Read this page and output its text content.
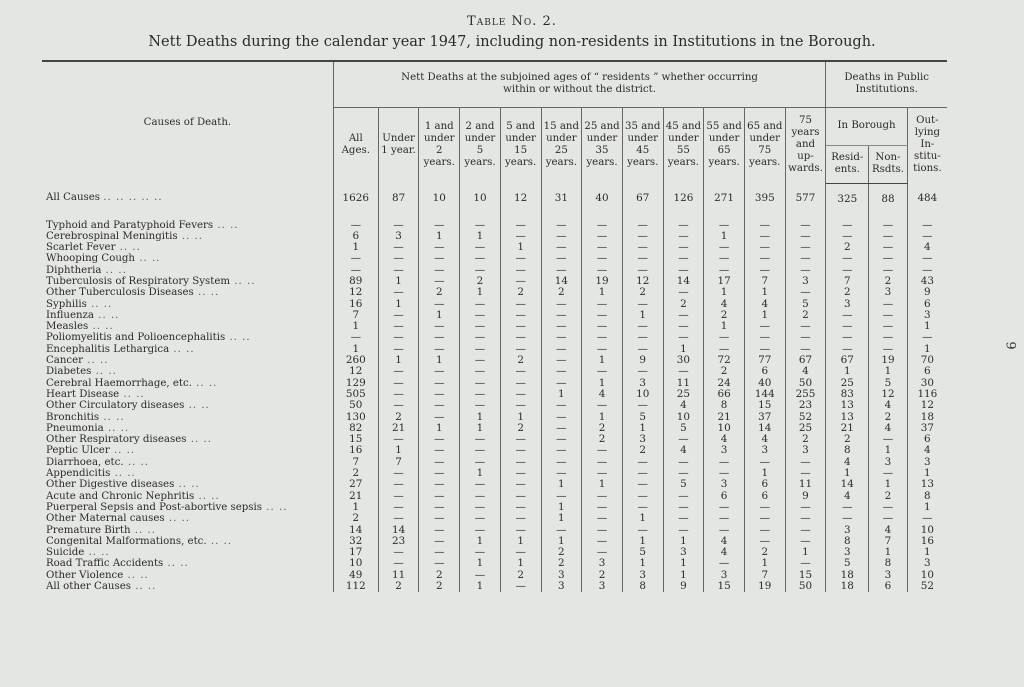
Table No. 2.
Nett Deaths during the calendar year 1947, including non-residents in Institutions in tne Borough.
9
Causes of Death.	Nett Deaths at the subjoined ages of “ residents ” whether occurring within or without the district.												Deaths in Public Institutions.		
	All Ages.	Under 1 year.	1 and under 2 years.	2 and under 5 years.	5 and under 15 years.	15 and under 25 years.	25 and under 35 years.	35 and under 45 years.	45 and under 55 years.	55 and under 65 years.	65 and under 75 years.	75 years and up-wards.	In Borough		Out-lying In-stitu-tions.
													Resid-ents.	Non-Rsdts.	
All Causes .. .. .. .. ..	1626	87	10	10	12	31	40	67	126	271	395	577	325	88	484

Typhoid and Paratyphoid Fevers .. ..	—	—	—	—	—	—	—	—	—	—	—	—	—	—	—
Cerebrospinal Meningitis .. ..	6	3	1	1	—	—	—	—	—	1	—	—	—	—	—
Scarlet Fever .. ..	1	—	—	—	1	—	—	—	—	—	—	—	2	—	4
Whooping Cough .. ..	—	—	—	—	—	—	—	—	—	—	—	—	—	—	—
Diphtheria .. ..	—	—	—	—	—	—	—	—	—	—	—	—	—	—	—
Tuberculosis of Respiratory System .. ..	89	1	—	2	—	14	19	12	14	17	7	3	7	2	43
Other Tuberculosis Diseases .. ..	12	—	2	1	2	2	1	2	—	1	1	—	2	3	9
Syphilis .. ..	16	1	—	—	—	—	—	—	2	4	4	5	3	—	6
Influenza .. ..	7	—	1	—	—	—	—	1	—	2	1	2	—	—	3
Measles .. ..	1	—	—	—	—	—	—	—	—	1	—	—	—	—	1
Poliomyelitis and Polioencephalitis .. ..	—	—	—	—	—	—	—	—	—	—	—	—	—	—	—
Encephalitis Lethargica .. ..	1	—	—	—	—	—	—	—	1	—	—	—	—	—	1
Cancer .. ..	260	1	1	—	2	—	1	9	30	72	77	67	67	19	70
Diabetes .. ..	12	—	—	—	—	—	—	—	—	2	6	4	1	1	6
Cerebral Haemorrhage, etc. .. ..	129	—	—	—	—	—	1	3	11	24	40	50	25	5	30
Heart Disease .. ..	505	—	—	—	—	1	4	10	25	66	144	255	83	12	116
Other Circulatory diseases .. ..	50	—	—	—	—	—	—	—	4	8	15	23	13	4	12
Bronchitis .. ..	130	2	—	1	1	—	1	5	10	21	37	52	13	2	18
Pneumonia .. ..	82	21	1	1	2	—	2	1	5	10	14	25	21	4	37
Other Respiratory diseases .. ..	15	—	—	—	—	—	2	3	—	4	4	2	2	—	6
Peptic Ulcer .. ..	16	1	—	—	—	—	—	2	4	3	3	3	8	1	4
Diarrhoea, etc. .. ..	7	7	—	—	—	—	—	—	—	—	—	—	4	3	3
Appendicitis .. ..	2	—	—	1	—	—	—	—	—	—	1	—	1	—	1
Other Digestive diseases .. ..	27	—	—	—	—	1	1	—	5	3	6	11	14	1	13
Acute and Chronic Nephritis .. ..	21	—	—	—	—	—	—	—	—	6	6	9	4	2	8
Puerperal Sepsis and Post-abortive sepsis .. ..	1	—	—	—	—	1	—	—	—	—	—	—	—	—	1
Other Maternal causes .. ..	2	—	—	—	—	1	—	1	—	—	—	—	—	—	—
Premature Birth .. ..	14	14	—	—	—	—	—	—	—	—	—	—	3	4	10
Congenital Malformations, etc. .. ..	32	23	—	1	1	1	—	1	1	4	—	—	8	7	16
Suicide .. ..	17	—	—	—	—	2	—	5	3	4	2	1	3	1	1
Road Traffic Accidents .. ..	10	—	—	1	1	2	3	1	1	—	1	—	5	8	3
Other Violence .. ..	49	11	2	—	2	3	2	3	1	3	7	15	18	3	10
All other Causes .. ..	112	2	2	1	—	3	3	8	9	15	19	50	18	6	52
